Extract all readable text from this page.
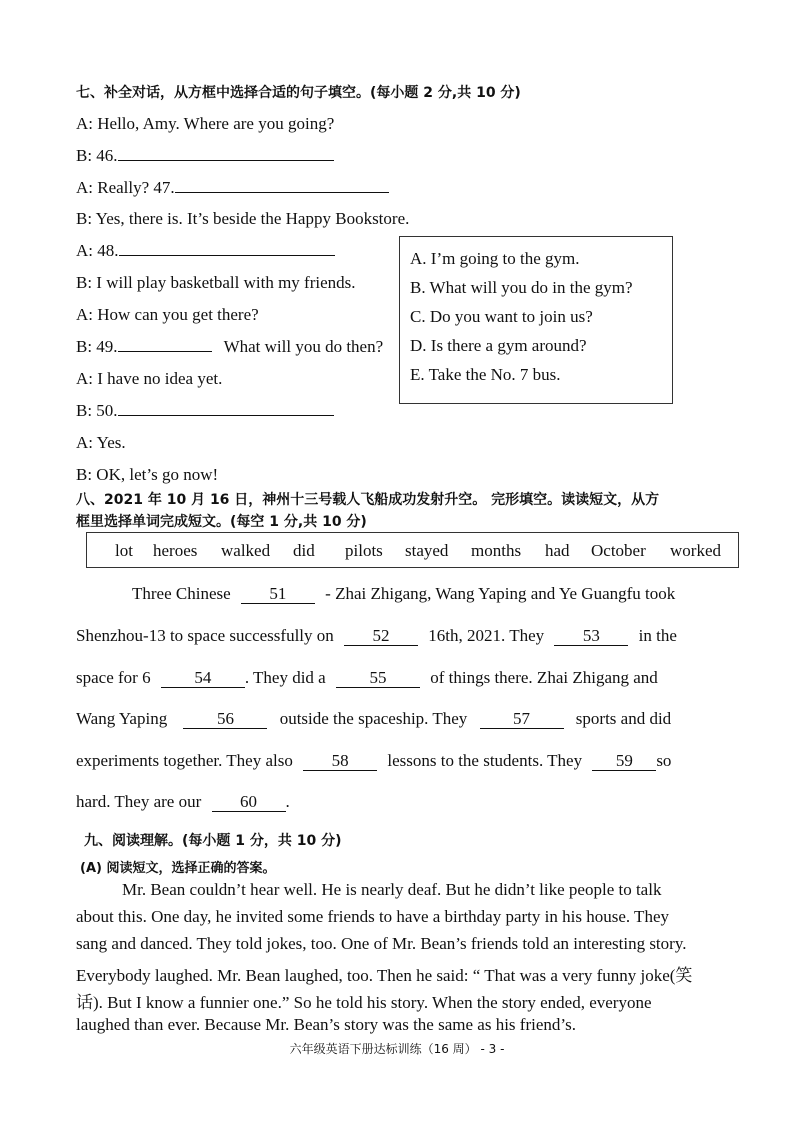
七、补全对话，从方框中选择合适的句子填空。(每小题 2 分,共 10 分)
A: Hello, Amy. Where are you going?
B: 46.
A: Really? 47.
B: Yes, there is. It’s beside the Happy Bookstore.
A: 48.
B: I will play basketball with my friends.
A: How can you get there?
B: 49.	What will you do then?
A: I have no idea yet.
B: 50.
A: Yes.
B: OK, let’s go now!
A. I’m going to the gym.
B. What will you do in the gym?
C. Do you want to join us?
D. Is there a gym around?
E. Take the No. 7 bus.
八、2021 年 10 月 16 日，神州十三号载人飞船成功发射升空。 完形填空。读读短文，从方
框里选择单词完成短文。(每空 1 分,共 10 分)
lot heroes walked did pilots stayed months had October worked
Three Chinese 51 - Zhai Zhigang, Wang Yaping and Ye Guangfu took
Shenzhou-13 to space successfully on 52 16th, 2021. They 53 in the
space for 6	54 . They did a	55	of things there. Zhai Zhigang and
Wang Yaping	56	outside the spaceship. They	57	sports and did
experiments together. They also 58 lessons to the students. They 59 so
hard. They are our 60 .
九、阅读理解。(每小题 1 分，共 10 分)
(A) 阅读短文，选择正确的答案。
Mr. Bean couldn’t hear well. He is nearly deaf. But he didn’t like people to talk
about this. One day, he invited some friends to have a birthday party in his house. They
sang and danced. They told jokes, too. One of Mr. Bean’s friends told an interesting story.
Everybody laughed. Mr. Bean laughed, too. Then he said: “ That was a very funny joke(笑
话). But I know a funnier one.” So he told his story. When the story ended, everyone
laughed than ever. Because Mr. Bean’s story was the same as his friend’s.
六年级英语下册达标训练（16 周） - 3 -
